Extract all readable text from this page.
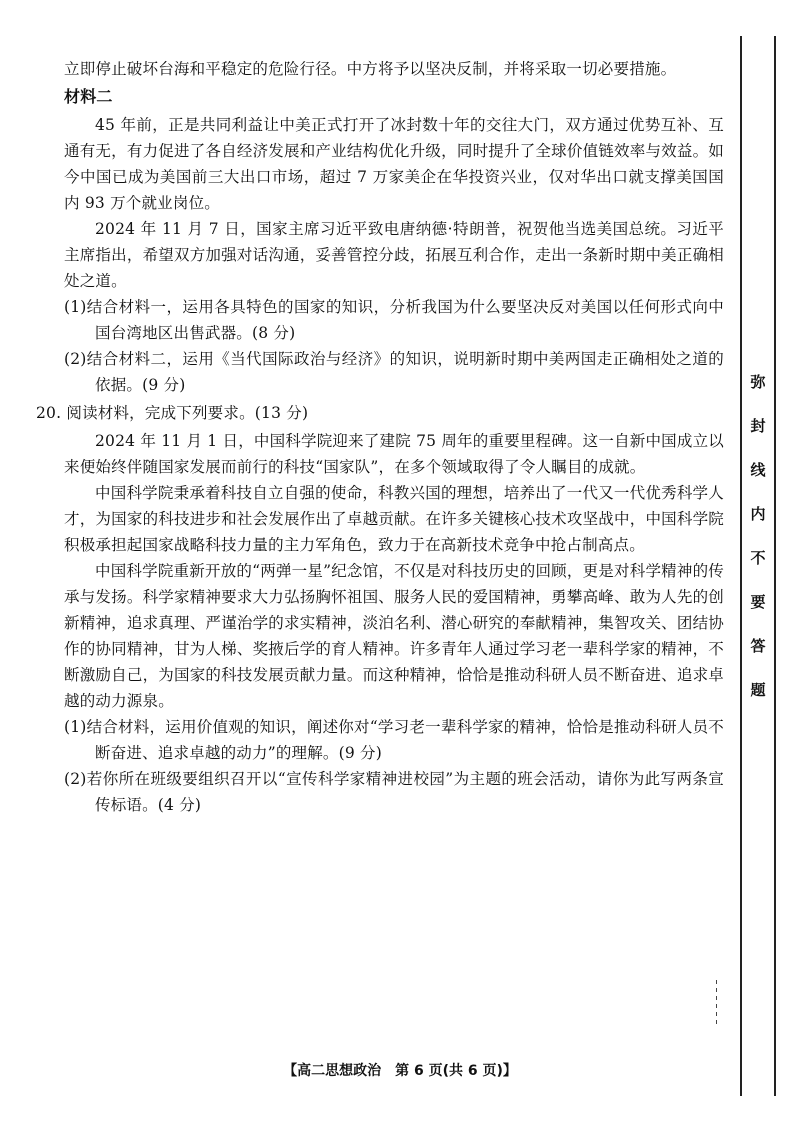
立即停止破坏台海和平稳定的危险行径。中方将予以坚决反制，并将采取一切必要措施。

材料二

45 年前，正是共同利益让中美正式打开了冰封数十年的交往大门，双方通过优势互补、互通有无，有力促进了各自经济发展和产业结构优化升级，同时提升了全球价值链效率与效益。如今中国已成为美国前三大出口市场，超过 7 万家美企在华投资兴业，仅对华出口就支撑美国国内 93 万个就业岗位。

2024 年 11 月 7 日，国家主席习近平致电唐纳德·特朗普，祝贺他当选美国总统。习近平主席指出，希望双方加强对话沟通，妥善管控分歧，拓展互利合作，走出一条新时期中美正确相处之道。

(1)结合材料一，运用各具特色的国家的知识，分析我国为什么要坚决反对美国以任何形式向中国台湾地区出售武器。(8 分)

(2)结合材料二，运用《当代国际政治与经济》的知识，说明新时期中美两国走正确相处之道的依据。(9 分)

20. 阅读材料，完成下列要求。(13 分)

2024 年 11 月 1 日，中国科学院迎来了建院 75 周年的重要里程碑。这一自新中国成立以来便始终伴随国家发展而前行的科技“国家队”，在多个领域取得了令人瞩目的成就。

中国科学院秉承着科技自立自强的使命，科教兴国的理想，培养出了一代又一代优秀科学人才，为国家的科技进步和社会发展作出了卓越贡献。在许多关键核心技术攻坚战中，中国科学院积极承担起国家战略科技力量的主力军角色，致力于在高新技术竞争中抢占制高点。

中国科学院重新开放的“两弹一星”纪念馆，不仅是对科技历史的回顾，更是对科学精神的传承与发扬。科学家精神要求大力弘扬胸怀祖国、服务人民的爱国精神，勇攀高峰、敢为人先的创新精神，追求真理、严谨治学的求实精神，淡泊名利、潜心研究的奉献精神，集智攻关、团结协作的协同精神，甘为人梯、奖掖后学的育人精神。许多青年人通过学习老一辈科学家的精神，不断激励自己，为国家的科技发展贡献力量。而这种精神，恰恰是推动科研人员不断奋进、追求卓越的动力源泉。

(1)结合材料，运用价值观的知识，阐述你对“学习老一辈科学家的精神，恰恰是推动科研人员不断奋进、追求卓越的动力”的理解。(9 分)

(2)若你所在班级要组织召开以“宣传科学家精神进校园”为主题的班会活动，请你为此写两条宣传标语。(4 分)

弥
封
线
内
不
要
答
题
【高二思想政治　第 6 页(共 6 页)】
